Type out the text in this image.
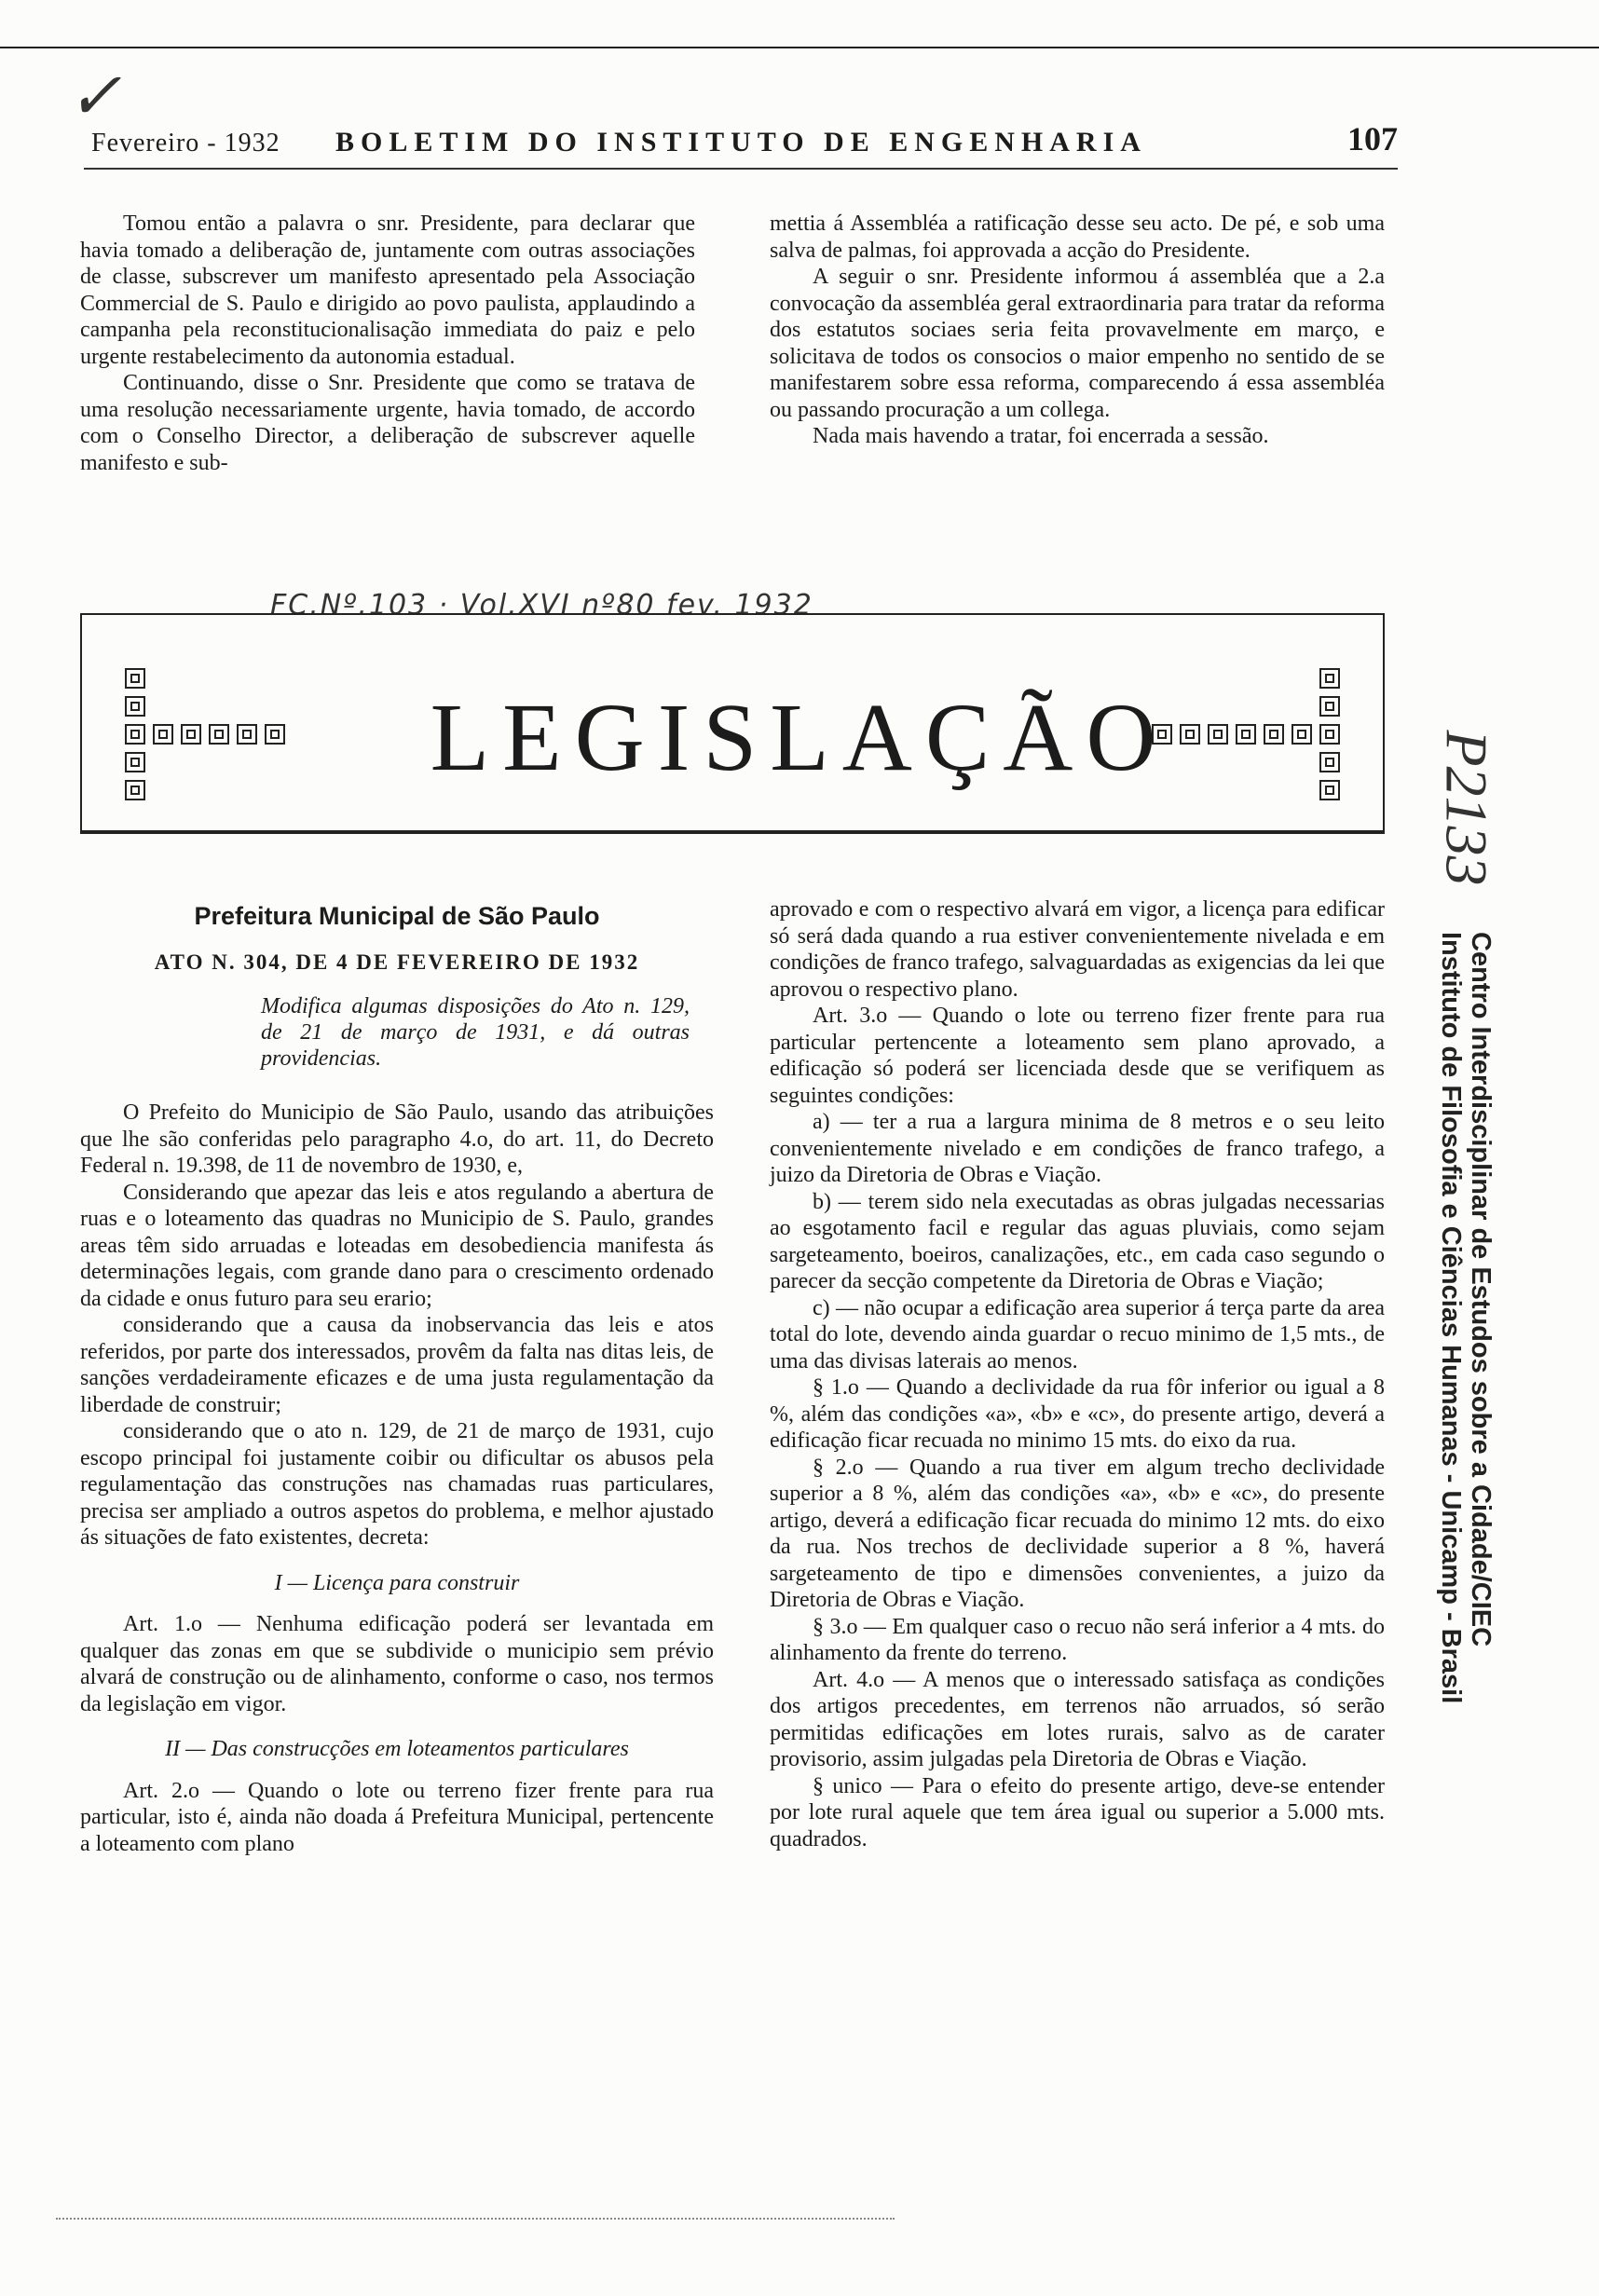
✓
Fevereiro - 1932 BOLETIM DO INSTITUTO DE ENGENHARIA	107

Tomou então a palavra o snr. Presidente, para declarar que havia tomado a deliberação de, juntamente com outras associações de classe, subscrever um manifesto apresentado pela Associação Commercial de S. Paulo e dirigido ao povo paulista, applaudindo a campanha pela reconstitucionalisação immediata do paiz e pelo urgente restabelecimento da autonomia estadual.

Continuando, disse o Snr. Presidente que como se tratava de uma resolução necessariamente urgente, havia tomado, de accordo com o Conselho Director, a deliberação de subscrever aquelle manifesto e sub-

mettia á Assembléa a ratificação desse seu acto. De pé, e sob uma salva de palmas, foi approvada a acção do Presidente.

A seguir o snr. Presidente informou á assembléa que a 2.a convocação da assembléa geral extraordinaria para tratar da reforma dos estatutos sociaes seria feita provavelmente em março, e solicitava de todos os consocios o maior empenho no sentido de se manifestarem sobre essa reforma, comparecendo á essa assembléa ou passando procuração a um collega.

Nada mais havendo a tratar, foi encerrada a sessão.

FC.Nº.103 · Vol.XVI nº80 fev. 1932
LEGISLAÇÃO	P2133
Centro Interdisciplinar de Estudos sobre a Cidade/CIEC
Instituto de Filosofia e Ciências Humanas - Unicamp - Brasil
Prefeitura Municipal de São Paulo
ATO N. 304, DE 4 DE FEVEREIRO DE 1932
Modifica algumas disposições do Ato n. 129, de 21 de março de 1931, e dá outras providencias.

O Prefeito do Municipio de São Paulo, usando das atribuições que lhe são conferidas pelo paragrapho 4.o, do art. 11, do Decreto Federal n. 19.398, de 11 de novembro de 1930, e,

Considerando que apezar das leis e atos regulando a abertura de ruas e o loteamento das quadras no Municipio de S. Paulo, grandes areas têm sido arruadas e loteadas em desobediencia manifesta ás determinações legais, com grande dano para o crescimento ordenado da cidade e onus futuro para seu erario;

considerando que a causa da inobservancia das leis e atos referidos, por parte dos interessados, provêm da falta nas ditas leis, de sanções verdadeiramente eficazes e de uma justa regulamentação da liberdade de construir;

considerando que o ato n. 129, de 21 de março de 1931, cujo escopo principal foi justamente coibir ou dificultar os abusos pela regulamentação das construções nas chamadas ruas particulares, precisa ser ampliado a outros aspetos do problema, e melhor ajustado ás situações de fato existentes, decreta:

I — Licença para construir

Art. 1.o — Nenhuma edificação poderá ser levantada em qualquer das zonas em que se subdivide o municipio sem prévio alvará de construção ou de alinhamento, conforme o caso, nos termos da legislação em vigor.

II — Das construcções em loteamentos particulares

Art. 2.o — Quando o lote ou terreno fizer frente para rua particular, isto é, ainda não doada á Prefeitura Municipal, pertencente a loteamento com plano

aprovado e com o respectivo alvará em vigor, a licença para edificar só será dada quando a rua estiver convenientemente nivelada e em condições de franco trafego, salvaguardadas as exigencias da lei que aprovou o respectivo plano.

Art. 3.o — Quando o lote ou terreno fizer frente para rua particular pertencente a loteamento sem plano aprovado, a edificação só poderá ser licenciada desde que se verifiquem as seguintes condições:

a) — ter a rua a largura minima de 8 metros e o seu leito convenientemente nivelado e em condições de franco trafego, a juizo da Diretoria de Obras e Viação.

b) — terem sido nela executadas as obras julgadas necessarias ao esgotamento facil e regular das aguas pluviais, como sejam sargeteamento, boeiros, canalizações, etc., em cada caso segundo o parecer da secção competente da Diretoria de Obras e Viação;

c) — não ocupar a edificação area superior á terça parte da area total do lote, devendo ainda guardar o recuo minimo de 1,5 mts., de uma das divisas laterais ao menos.

§ 1.o — Quando a declividade da rua fôr inferior ou igual a 8 %, além das condições «a», «b» e «c», do presente artigo, deverá a edificação ficar recuada no minimo 15 mts. do eixo da rua.

§ 2.o — Quando a rua tiver em algum trecho declividade superior a 8 %, além das condições «a», «b» e «c», do presente artigo, deverá a edificação ficar recuada do minimo 12 mts. do eixo da rua. Nos trechos de declividade superior a 8 %, haverá sargeteamento de tipo e dimensões convenientes, a juizo da Diretoria de Obras e Viação.

§ 3.o — Em qualquer caso o recuo não será inferior a 4 mts. do alinhamento da frente do terreno.

Art. 4.o — A menos que o interessado satisfaça as condições dos artigos precedentes, em terrenos não arruados, só serão permitidas edificações em lotes rurais, salvo as de carater provisorio, assim julgadas pela Diretoria de Obras e Viação.

§ unico — Para o efeito do presente artigo, deve-se entender por lote rural aquele que tem área igual ou superior a 5.000 mts. quadrados.
